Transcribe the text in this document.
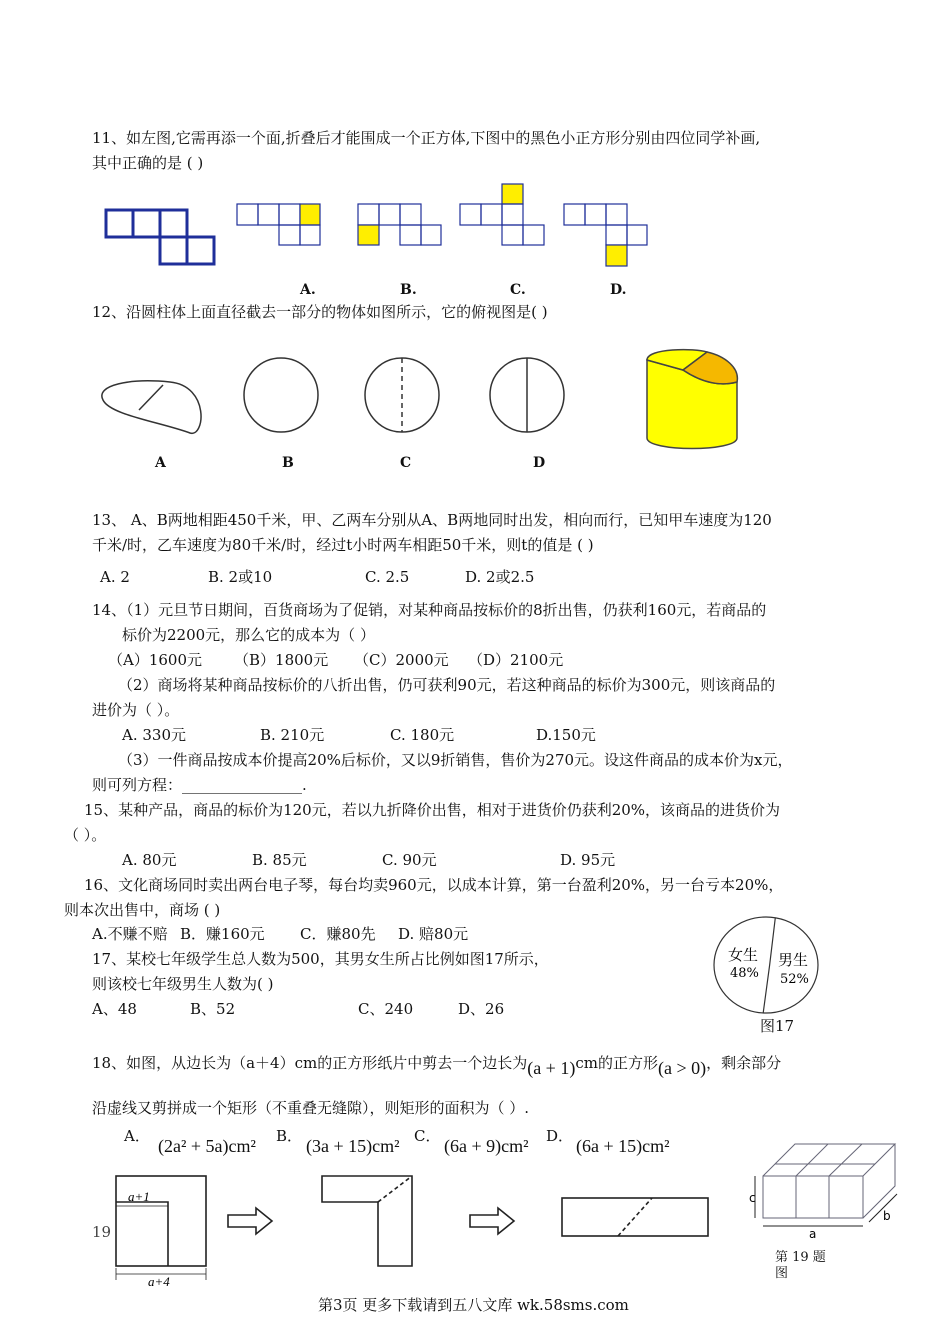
11、如左图,它需再添一个面,折叠后才能围成一个正方体,下图中的黑色小正方形分别由四位同学补画,
其中正确的是 ( )
A.	B.	C.	D.
12、沿圆柱体上面直径截去一部分的物体如图所示，它的俯视图是( )
A	B	C	D
13、 A、B两地相距450千米，甲、乙两车分别从A、B两地同时出发，相向而行，已知甲车速度为120
千米/时，乙车速度为80千米/时，经过t小时两车相距50千米，则t的值是 ( )
A. 2	B. 2或10	C. 2.5	D. 2或2.5
14、（1）元旦节日期间，百货商场为了促销，对某种商品按标价的8折出售，仍获利160元，若商品的
标价为2200元，那么它的成本为（ ）
（A）1600元 （B）1800元 （C）2000元 （D）2100元
（2）商场将某种商品按标价的八折出售，仍可获利90元，若这种商品的标价为300元，则该商品的
进价为（ ）。
A. 330元	B. 210元	C. 180元	D.150元
（3）一件商品按成本价提高20%后标价，又以9折销售，售价为270元。设这件商品的成本价为x元，
则可列方程：________________.
15、某种产品，商品的标价为120元，若以九折降价出售，相对于进货价仍获利20%，该商品的进货价为
（ ）。
A. 80元	B. 85元	C. 90元	D. 95元
16、文化商场同时卖出两台电子琴，每台均卖960元，以成本计算，第一台盈利20%，另一台亏本20%，
则本次出售中，商场 ( )
A.不赚不赔 B．赚160元 C．赚80先 D. 赔80元
17、某校七年级学生总人数为500，其男女生所占比例如图17所示，
则该校七年级男生人数为( )
A、48	B、52	C、240	D、26
女生
48%
男生
52%
图17
18、如图，从边长为（a＋4）cm的正方形纸片中剪去一个边长为(a + 1)cm的正方形(a > 0)，剩余部分
沿虚线又剪拼成一个矩形（不重叠无缝隙），则矩形的面积为（ ）.
A． (2a² + 5a)cm² B． (3a + 15)cm² C． (6a + 9)cm² D． (6a + 15)cm²
a+1
a+4
19
c
a
b
第 19 题
图
第3页 更多下载请到五八文库 wk.58sms.com
